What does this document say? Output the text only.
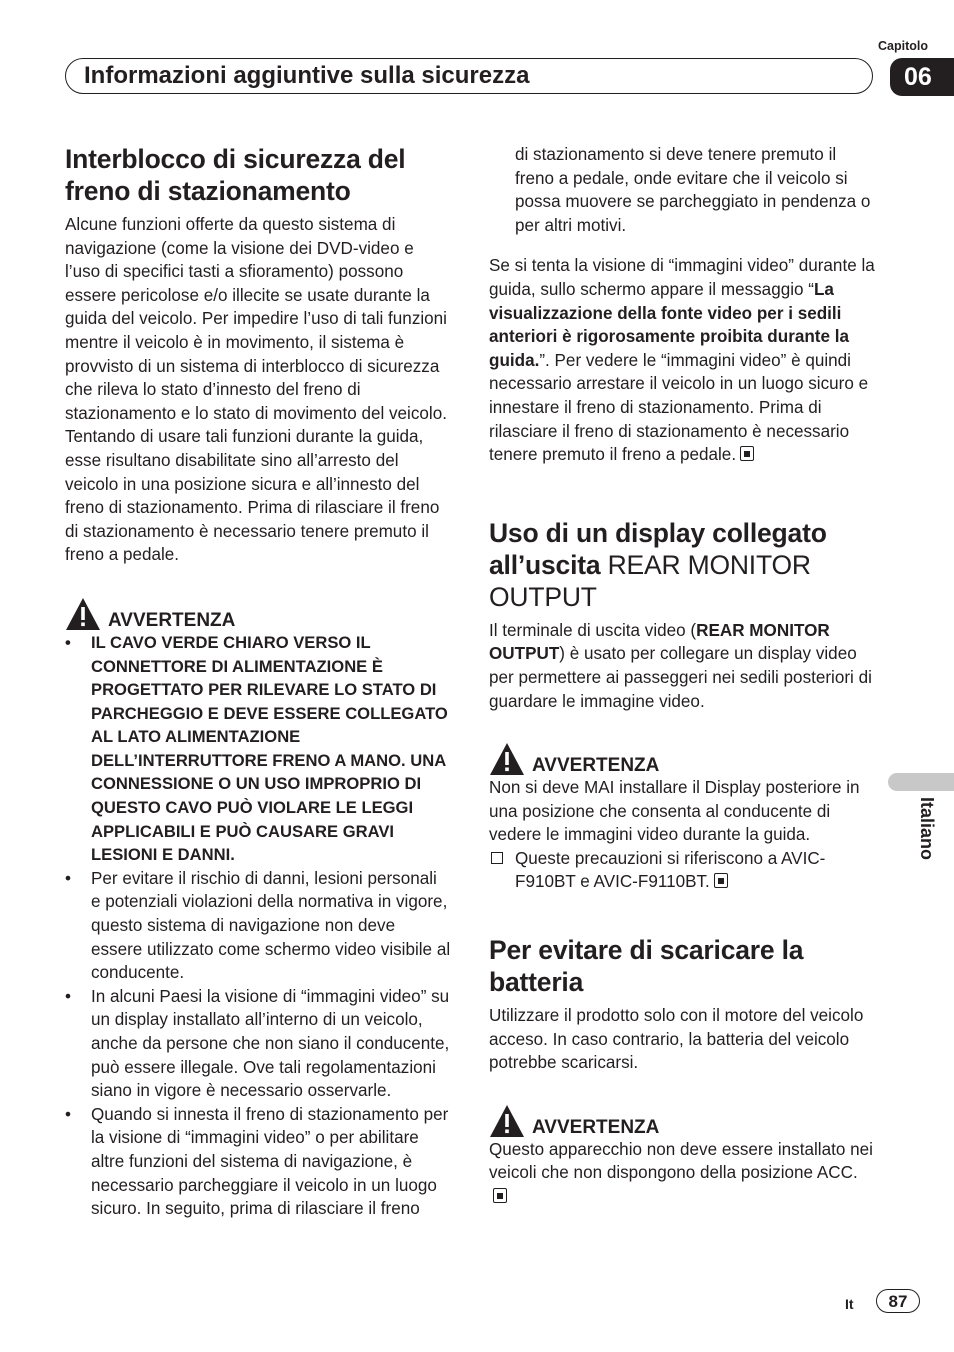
Capitolo
06
Informazioni aggiuntive sulla sicurezza
Interblocco di sicurezza del freno di stazionamento

Alcune funzioni offerte da questo sistema di navigazione (come la visione dei DVD-video e l’uso di specifici tasti a sfioramento) possono essere pericolose e/o illecite se usate durante la guida del veicolo. Per impedire l’uso di tali funzioni mentre il veicolo è in movimento, il sistema è provvisto di un sistema di interblocco di sicurezza che rileva lo stato d’innesto del freno di stazionamento e lo stato di movimento del veicolo. Tentando di usare tali funzioni durante la guida, esse risultano disabilitate sino all’arresto del veicolo in una posizione sicura e all’innesto del freno di stazionamento. Prima di rilasciare il freno di stazionamento è necessario tenere premuto il freno a pedale.

AVVERTENZA
• IL CAVO VERDE CHIARO VERSO IL CONNETTORE DI ALIMENTAZIONE È PROGETTATO PER RILEVARE LO STATO DI PARCHEGGIO E DEVE ESSERE COLLEGATO AL LATO ALIMENTAZIONE DELL’INTERRUTTORE FRENO A MANO. UNA CONNESSIONE O UN USO IMPROPRIO DI QUESTO CAVO PUÒ VIOLARE LE LEGGI APPLICABILI E PUÒ CAUSARE GRAVI LESIONI E DANNI.
• Per evitare il rischio di danni, lesioni personali e potenziali violazioni della normativa in vigore, questo sistema di navigazione non deve essere utilizzato come schermo video visibile al conducente.
• In alcuni Paesi la visione di “immagini video” su un display installato all’interno di un veicolo, anche da persone che non siano il conducente, può essere illegale. Ove tali regolamentazioni siano in vigore è necessario osservarle.
• Quando si innesta il freno di stazionamento per la visione di “immagini video” o per abilitare altre funzioni del sistema di navigazione, è necessario parcheggiare il veicolo in un luogo sicuro. In seguito, prima di rilasciare il freno

di stazionamento si deve tenere premuto il freno a pedale, onde evitare che il veicolo si possa muovere se parcheggiato in pendenza o per altri motivi.

Se si tenta la visione di “immagini video” durante la guida, sullo schermo appare il messaggio “La visualizzazione della fonte video per i sedili anteriori è rigorosamente proibita durante la guida.”. Per vedere le “immagini video” è quindi necessario arrestare il veicolo in un luogo sicuro e innestare il freno di stazionamento. Prima di rilasciare il freno di stazionamento è necessario tenere premuto il freno a pedale.

Uso di un display collegato all’uscita REAR MONITOR OUTPUT

Il terminale di uscita video (REAR MONITOR OUTPUT) è usato per collegare un display video per permettere ai passeggeri nei sedili posteriori di guardare le immagine video.

AVVERTENZA

Non si deve MAI installare il Display posteriore in una posizione che consenta al conducente di vedere le immagini video durante la guida.

Queste precauzioni si riferiscono a AVIC-F910BT e AVIC-F9110BT.

Per evitare di scaricare la batteria

Utilizzare il prodotto solo con il motore del veicolo acceso. In caso contrario, la batteria del veicolo potrebbe scaricarsi.

AVVERTENZA

Questo apparecchio non deve essere installato nei veicoli che non dispongono della posizione ACC.

Italiano
It	87
